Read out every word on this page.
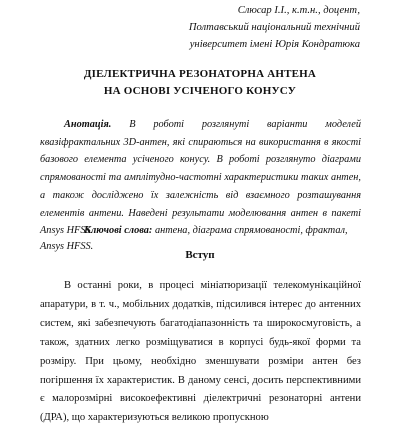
Слюсар І.І., к.т.н., доцент,
Полтавський національний технічний
університет імені Юрія Кондратюка
ДІЕЛЕКТРИЧНА РЕЗОНАТОРНА АНТЕНА
НА ОСНОВІ УСІЧЕНОГО КОНУСУ
Анотація. В роботі розглянуті варіанти моделей квазіфрактальних 3D-антен, які спираються на використання в якості базового елемента усіченого конусу. В роботі розглянуто діаграми спрямованості та амплітудно-частотні характеристики таких антен, а також досліджено їх залежність від взаємного розташування елементів антени. Наведені результати моделювання антен в пакеті Ansys HFSS.
Ключові слова: антена, діаграма спрямованості, фрактал, Ansys HFSS.
Вступ
В останні роки, в процесі мініатюризації телекомунікаційної апаратури, в т. ч., мобільних додатків, підсилився інтерес до антенних систем, які забезпечують багатодіапазонність та широкосмуговість, а також, здатних легко розміщуватися в корпусі будь-якої форми та розміру. При цьому, необхідно зменшувати розміри антен без погіршення їх характеристик. В даному сенсі, досить перспективними є малорозмірні високоефективні діелектричні резонаторні антени (ДРА), що характеризуються великою пропускною
